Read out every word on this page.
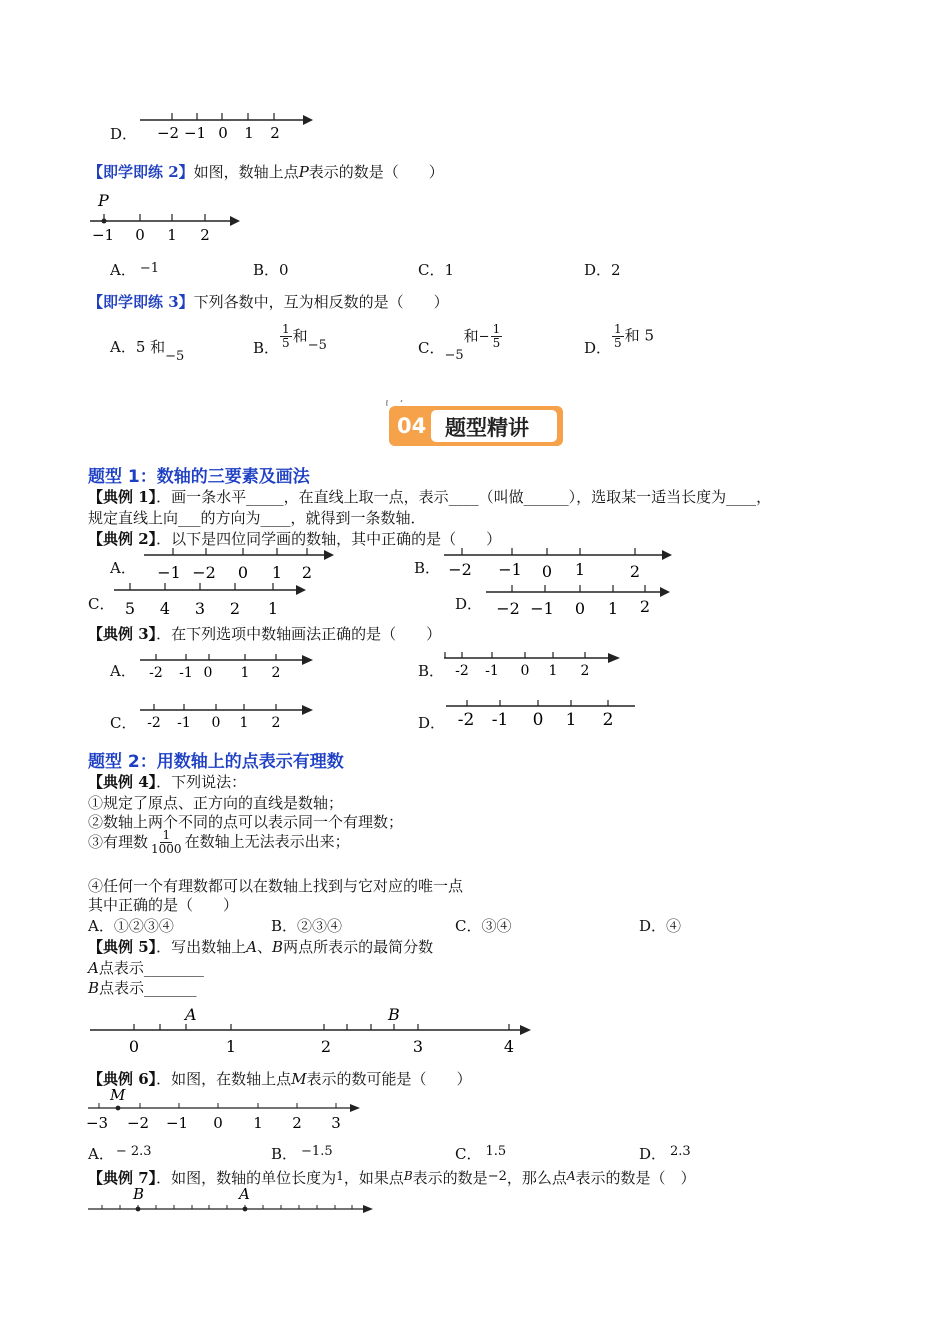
D． −2 −1 0 1 2
【即学即练 2】如图，数轴上点P表示的数是（　　）
P
−1 0 1 2
A． −1	B．0	C．1	D．2
【即学即练 3】下列各数中，互为相反数的是（　　）
A．5 和−5	B． $\frac{1}{5}$ 和−5	C．−5和− $\frac{1}{5}$	D． $\frac{1}{5}$ 和 5
04 题型精讲
题型 1：数轴的三要素及画法
【典例 1】．画一条水平_____，在直线上取一点，表示____（叫做______），选取某一适当长度为____，
规定直线上向___的方向为____，就得到一条数轴．
【典例 2】．以下是四位同学画的数轴，其中正确的是（　　）
A． −1 −2 0 1 2	B． −2 −1 0 1	2
C． 5 4 3 2 1	D． −2 −1 0 1 2
【典例 3】．在下列选项中数轴画法正确的是（　　）
A． -2 -1 0 1 2	B． -2 -1 0 1 2
C． -2 -1 0 1 2	D． -2 -1 0 1 2
题型 2：用数轴上的点表示有理数
【典例 4】．下列说法：
①规定了原点、正方向的直线是数轴；
②数轴上两个不同的点可以表示同一个有理数；
③有理数 $\frac{1}{1000}$ 在数轴上无法表示出来；
④任何一个有理数都可以在数轴上找到与它对应的唯一点
其中正确的是（　　）
A．①②③④	B．②③④	C．③④	D．④
【典例 5】．写出数轴上A、B两点所表示的最简分数
A点表示________
B点表示_______
A	B
0	1	2	3	4
【典例 6】．如图，在数轴上点M表示的数可能是（　　）
M
−3 −2 −1 0 1 2 3
A． − 2.3	B． −1.5	C． 1.5	D． 2.3
【典例 7】．如图，数轴的单位长度为$^1$，如果点$^B$表示的数是−2，那么点$^A$表示的数是（　）
B	A
